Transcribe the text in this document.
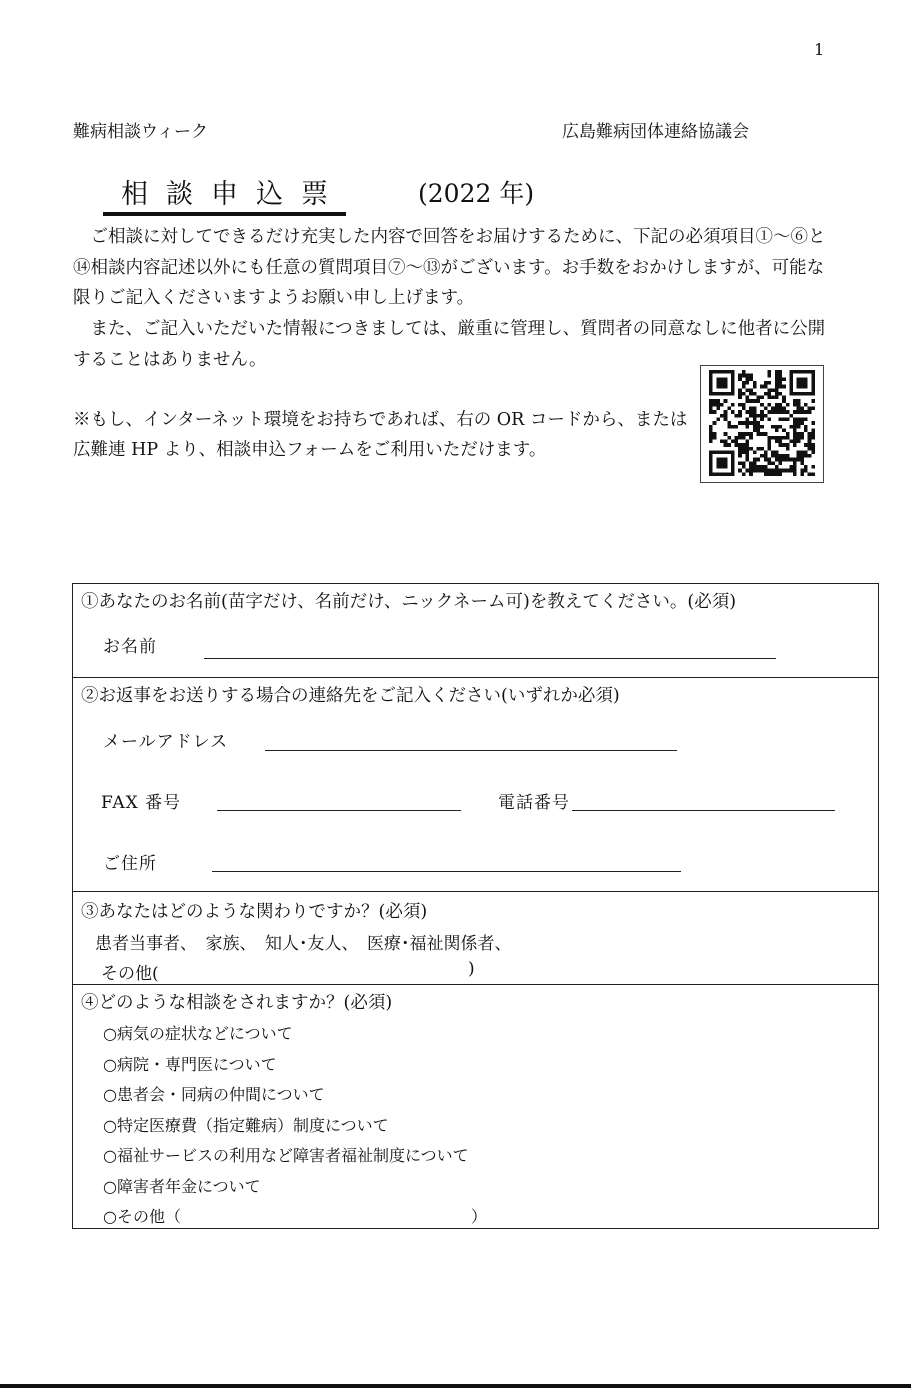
1
難病相談ウィーク	広島難病団体連絡協議会
相談申込票	(2022 年)
　ご相談に対してできるだけ充実した内容で回答をお届けするために、下記の必須項目①～⑥と⑭相談内容記述以外にも任意の質問項目⑦～⑬がございます。お手数をおかけしますが、可能な限りご記入くださいますようお願い申し上げます。
　また、ご記入いただいた情報につきましては、厳重に管理し、質問者の同意なしに他者に公開することはありません。
※もし、インターネット環境をお持ちであれば、右の OR コードから、または広難連 HP より、相談申込フォームをご利用いただけます。
①あなたのお名前(苗字だけ、名前だけ、ニックネーム可)を教えてください。(必須)
お名前
②お返事をお送りする場合の連絡先をご記入ください(いずれか必須)
メールアドレス
FAX 番号	電話番号
ご住所
③あなたはどのような関わりですか？(必須)
患者当事者、　家族、　知人･友人、　医療･福祉関係者、
その他(	)
④どのような相談をされますか？(必須)
○病気の症状などについて
○病院・専門医について
○患者会・同病の仲間について
○特定医療費（指定難病）制度について
○福祉サービスの利用など障害者福祉制度について
○障害者年金について
○その他（	）
